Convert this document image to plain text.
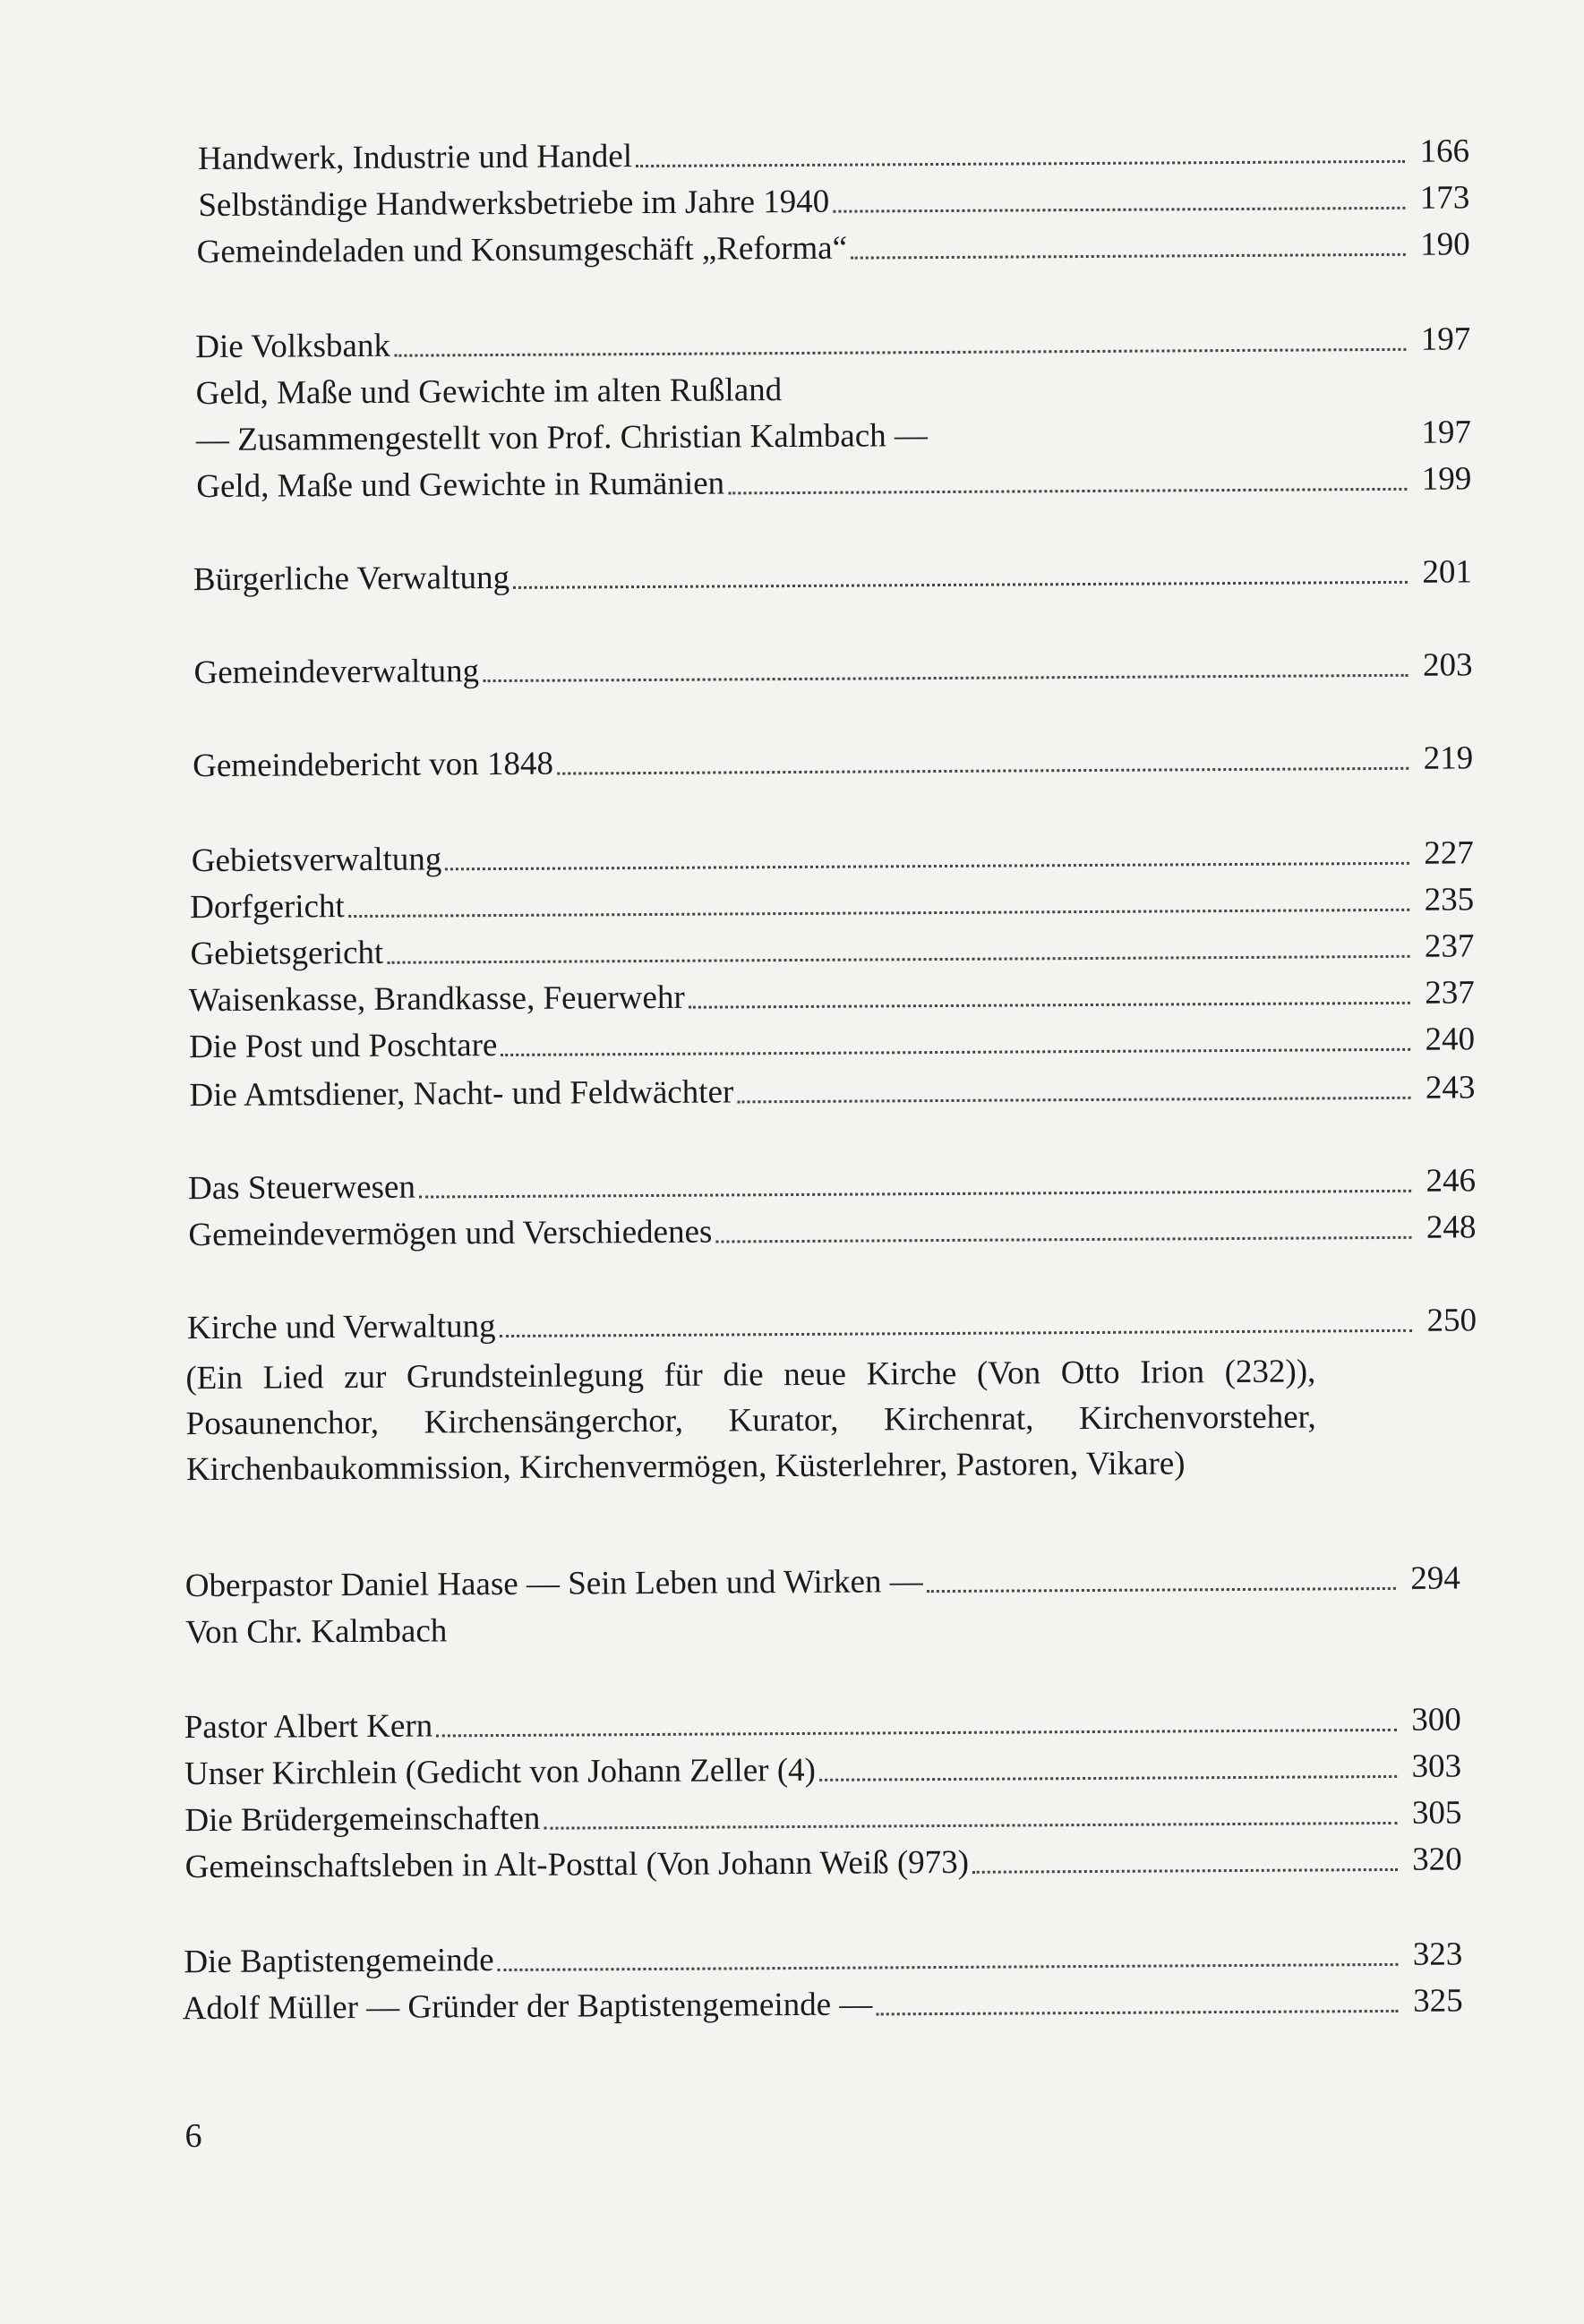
Handwerk, Industrie und Handel	166
Selbständige Handwerksbetriebe im Jahre 1940	173
Gemeindeladen und Konsumgeschäft „Reforma“	190
Die Volksbank	197
Geld, Maße und Gewichte im alten Rußland
— Zusammengestellt von Prof. Christian Kalmbach —	197
Geld, Maße und Gewichte in Rumänien	199
Bürgerliche Verwaltung	201
Gemeindeverwaltung	203
Gemeindebericht von 1848	219
Gebietsverwaltung	227
Dorfgericht	235
Gebietsgericht	237
Waisenkasse, Brandkasse, Feuerwehr	237
Die Post und Poschtare	240
Die Amtsdiener, Nacht- und Feldwächter	243
Das Steuerwesen	246
Gemeindevermögen und Verschiedenes	248
Kirche und Verwaltung	250
(Ein Lied zur Grundsteinlegung für die neue Kirche (Von Otto Irion (232)), Posaunenchor, Kirchensängerchor, Kurator, Kirchenrat, Kirchenvorsteher, Kirchenbaukommission, Kirchenvermögen, Küsterlehrer, Pastoren, Vikare)
Oberpastor Daniel Haase — Sein Leben und Wirken —	294
Von Chr. Kalmbach
Pastor Albert Kern	300
Unser Kirchlein (Gedicht von Johann Zeller (4)	303
Die Brüdergemeinschaften	305
Gemeinschaftsleben in Alt-Posttal (Von Johann Weiß (973)	320
Die Baptistengemeinde	323
Adolf Müller — Gründer der Baptistengemeinde —	325
6
